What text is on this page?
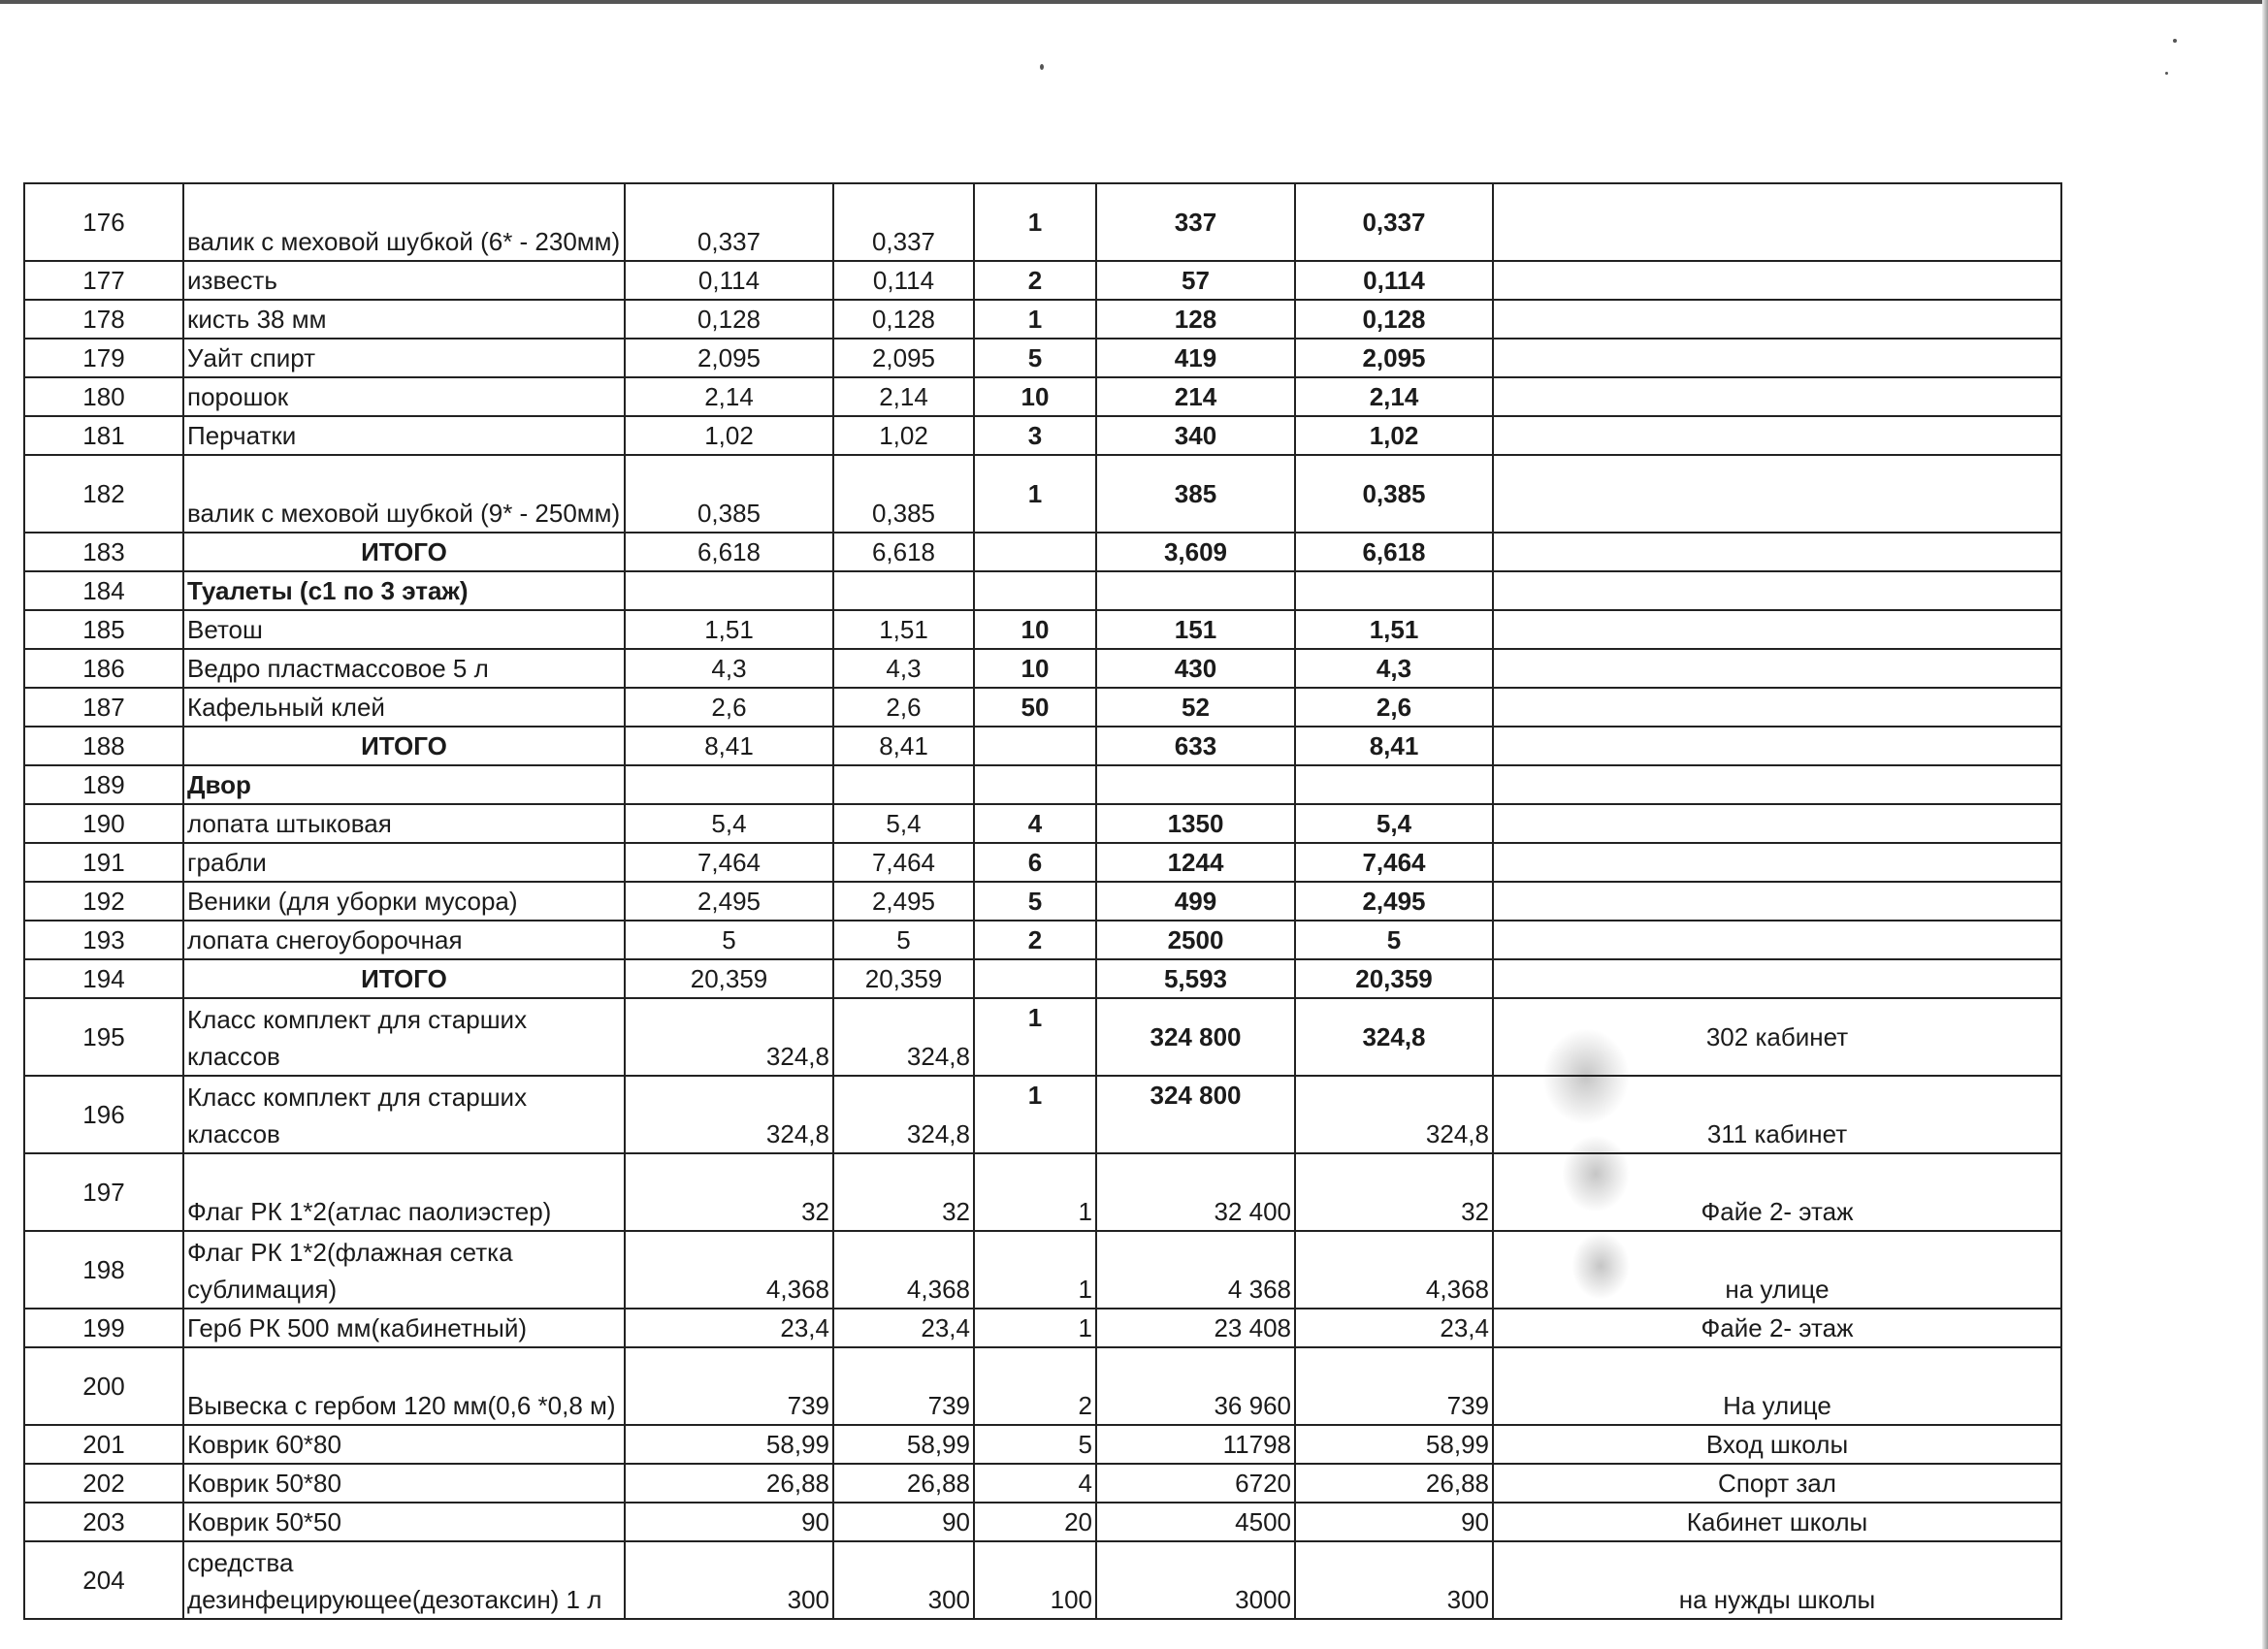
176	валик с меховой шубкой (6* - 230мм)	0,337	0,337	1	337	0,337	
177	известь	0,114	0,114	2	57	0,114	
178	кисть 38 мм	0,128	0,128	1	128	0,128	
179	Уайт спирт	2,095	2,095	5	419	2,095	
180	порошок	2,14	2,14	10	214	2,14	
181	Перчатки	1,02	1,02	3	340	1,02	
182	валик с меховой шубкой (9* - 250мм)	0,385	0,385	1	385	0,385	
183	ИТОГО	6,618	6,618		3,609	6,618	
184	Туалеты (с1 по 3 этаж)						
185	Ветош	1,51	1,51	10	151	1,51	
186	Ведро пластмассовое 5 л	4,3	4,3	10	430	4,3	
187	Кафельный клей	2,6	2,6	50	52	2,6	
188	ИТОГО	8,41	8,41		633	8,41	
189	Двор						
190	лопата штыковая	5,4	5,4	4	1350	5,4	
191	грабли	7,464	7,464	6	1244	7,464	
192	Веники (для уборки мусора)	2,495	2,495	5	499	2,495	
193	лопата снегоуборочная	5	5	2	2500	5	
194	ИТОГО	20,359	20,359		5,593	20,359	
195	Класс комплект для старших классов	324,8	324,8	1	324 800	324,8	302 кабинет
196	Класс комплект для старших классов	324,8	324,8	1	324 800	324,8	311 кабинет
197	Флаг РК 1*2(атлас паолиэстер)	32	32	1	32 400	32	Файе 2- этаж
198	Флаг РК 1*2(флажная сетка сублимация)	4,368	4,368	1	4 368	4,368	на улице
199	Герб РК 500 мм(кабинетный)	23,4	23,4	1	23 408	23,4	Файе 2- этаж
200	Вывеска с гербом 120 мм(0,6 *0,8 м)	739	739	2	36 960	739	На улице
201	Коврик 60*80	58,99	58,99	5	11798	58,99	Вход школы
202	Коврик 50*80	26,88	26,88	4	6720	26,88	Спорт зал
203	Коврик 50*50	90	90	20	4500	90	Кабинет школы
204	средства дезинфецирующее(дезотаксин) 1 л	300	300	100	3000	300	на нужды школы
